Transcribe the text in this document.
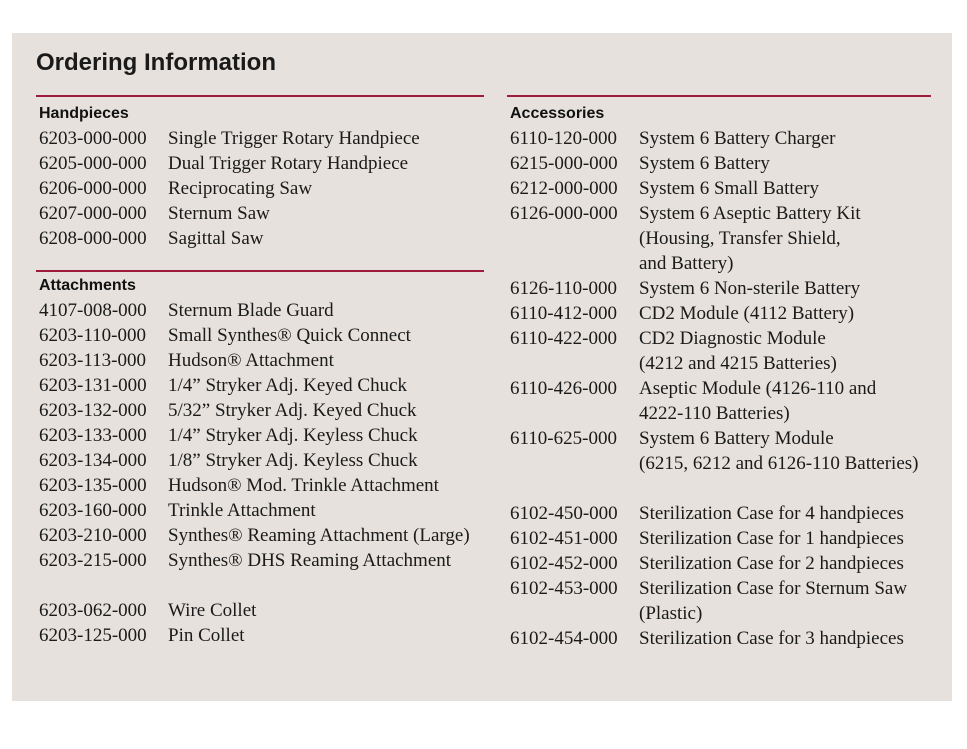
Ordering Information
Handpieces
6203-000-000 Single Trigger Rotary Handpiece
6205-000-000 Dual Trigger Rotary Handpiece
6206-000-000 Reciprocating Saw
6207-000-000 Sternum Saw
6208-000-000 Sagittal Saw
Attachments
4107-008-000 Sternum Blade Guard
6203-110-000 Small Synthes® Quick Connect
6203-113-000 Hudson® Attachment
6203-131-000 1/4” Stryker Adj. Keyed Chuck
6203-132-000 5/32” Stryker Adj. Keyed Chuck
6203-133-000 1/4” Stryker Adj. Keyless Chuck
6203-134-000 1/8” Stryker Adj. Keyless Chuck
6203-135-000 Hudson® Mod. Trinkle Attachment
6203-160-000 Trinkle Attachment
6203-210-000 Synthes® Reaming Attachment (Large)
6203-215-000 Synthes® DHS Reaming Attachment
6203-062-000 Wire Collet
6203-125-000 Pin Collet
Accessories
6110-120-000 System 6 Battery Charger
6215-000-000 System 6 Battery
6212-000-000 System 6 Small Battery
6126-000-000 System 6 Aseptic Battery Kit
(Housing, Transfer Shield,
and Battery)
6126-110-000 System 6 Non-sterile Battery
6110-412-000 CD2 Module (4112 Battery)
6110-422-000 CD2 Diagnostic Module
(4212 and 4215 Batteries)
6110-426-000 Aseptic Module (4126-110 and
4222-110 Batteries)
6110-625-000 System 6 Battery Module
(6215, 6212 and 6126-110 Batteries)
6102-450-000 Sterilization Case for 4 handpieces
6102-451-000 Sterilization Case for 1 handpieces
6102-452-000 Sterilization Case for 2 handpieces
6102-453-000 Sterilization Case for Sternum Saw
(Plastic)
6102-454-000 Sterilization Case for 3 handpieces
